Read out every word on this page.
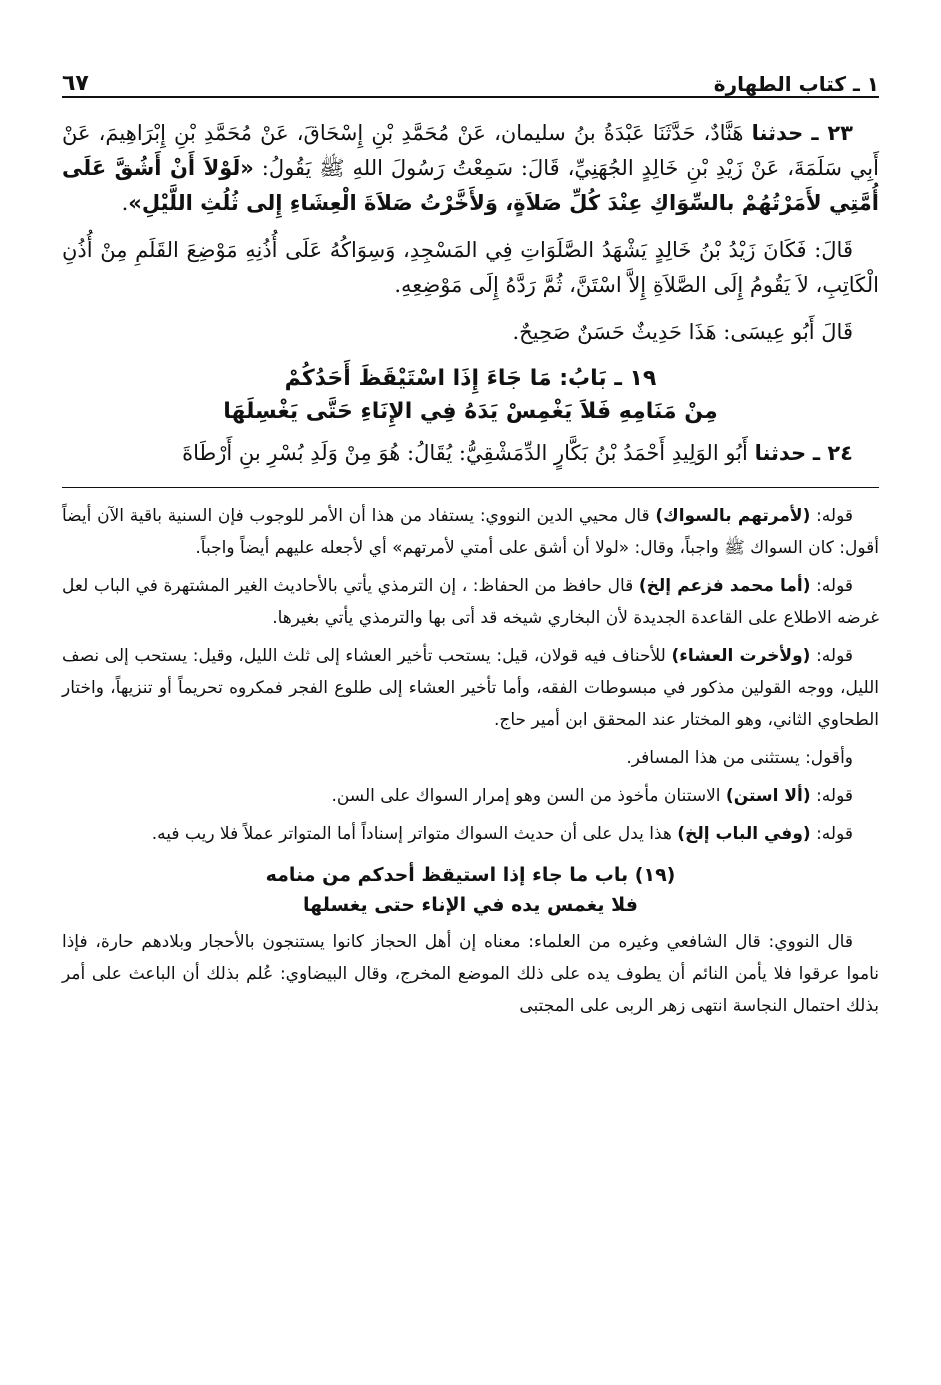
١ ـ كتاب الطهارة
٦٧

٢٣ ـ حدثنا هَنَّادٌ، حَدَّثَنَا عَبْدَةُ بنُ سليمان، عَنْ مُحَمَّدِ بْنِ إِسْحَاقَ، عَنْ مُحَمَّدِ بْنِ إِبْرَاهِيمَ، عَنْ أَبِي سَلَمَةَ، عَنْ زَيْدِ بْنِ خَالِدٍ الجُهَنِيِّ، قَالَ: سَمِعْتُ رَسُولَ اللهِ ﷺ يَقُولُ: «لَوْلاَ أَنْ أَشُقَّ عَلَى أُمَّتِي لأَمَرْتُهُمْ بالسِّوَاكِ عِنْدَ كُلِّ صَلاَةٍ، وَلأَخَّرْتُ صَلاَةَ الْعِشَاءِ إِلى ثُلُثِ اللَّيْلِ».

قَالَ: فَكَانَ زَيْدُ بْنُ خَالِدٍ يَشْهَدُ الصَّلَوَاتِ فِي المَسْجِدِ، وَسِوَاكُهُ عَلَى أُذُنِهِ مَوْضِعَ القَلَمِ مِنْ أُذُنِ الْكَاتِبِ، لاَ يَقُومُ إِلَى الصَّلاَةِ إِلاَّ اسْتَنَّ، ثُمَّ رَدَّهُ إِلَى مَوْضِعِهِ.

قَالَ أَبُو عِيسَى: هَذَا حَدِيثٌ حَسَنٌ صَحِيحٌ.

١٩ ـ بَابُ: مَا جَاءَ إِذَا اسْتَيْقَظَ أَحَدُكُمْ
مِنْ مَنَامِهِ فَلاَ يَغْمِسْ يَدَهُ فِي الإِنَاءِ حَتَّى يَغْسِلَهَا

٢٤ ـ حدثنا أَبُو الوَلِيدِ أَحْمَدُ بْنُ بَكَّارٍ الدِّمَشْقِيُّ: يُقَالُ: هُوَ مِنْ وَلَدِ بُسْرِ بنِ أَرْطَاةَ

قوله: (لأمرتهم بالسواك) قال محيي الدين النووي: يستفاد من هذا أن الأمر للوجوب فإن السنية باقية الآن أيضاً أقول: كان السواك ﷺ واجباً، وقال: «لولا أن أشق على أمتي لأمرتهم» أي لأجعله عليهم أيضاً واجباً.

قوله: (أما محمد فزعم إلخ) قال حافظ من الحفاظ: ، إن الترمذي يأتي بالأحاديث الغير المشتهرة في الباب لعل غرضه الاطلاع على القاعدة الجديدة لأن البخاري شيخه قد أتى بها والترمذي يأتي بغيرها.

قوله: (ولأخرت العشاء) للأحناف فيه قولان، قيل: يستحب تأخير العشاء إلى ثلث الليل، وقيل: يستحب إلى نصف الليل، ووجه القولين مذكور في مبسوطات الفقه، وأما تأخير العشاء إلى طلوع الفجر فمكروه تحريماً أو تنزيهاً، واختار الطحاوي الثاني، وهو المختار عند المحقق ابن أمير حاج.

وأقول: يستثنى من هذا المسافر.

قوله: (ألا استن) الاستنان مأخوذ من السن وهو إمرار السواك على السن.

قوله: (وفي الباب إلخ) هذا يدل على أن حديث السواك متواتر إسناداً أما المتواتر عملاً فلا ريب فيه.

(١٩) باب ما جاء إذا استيقظ أحدكم من منامه
فلا يغمس يده في الإناء حتى يغسلها

قال النووي: قال الشافعي وغيره من العلماء: معناه إن أهل الحجاز كانوا يستنجون بالأحجار وبلادهم حارة، فإذا ناموا عرقوا فلا يأمن النائم أن يطوف يده على ذلك الموضع المخرج، وقال البيضاوي: عُلم بذلك أن الباعث على أمر بذلك احتمال النجاسة انتهى زهر الربى على المجتبى
